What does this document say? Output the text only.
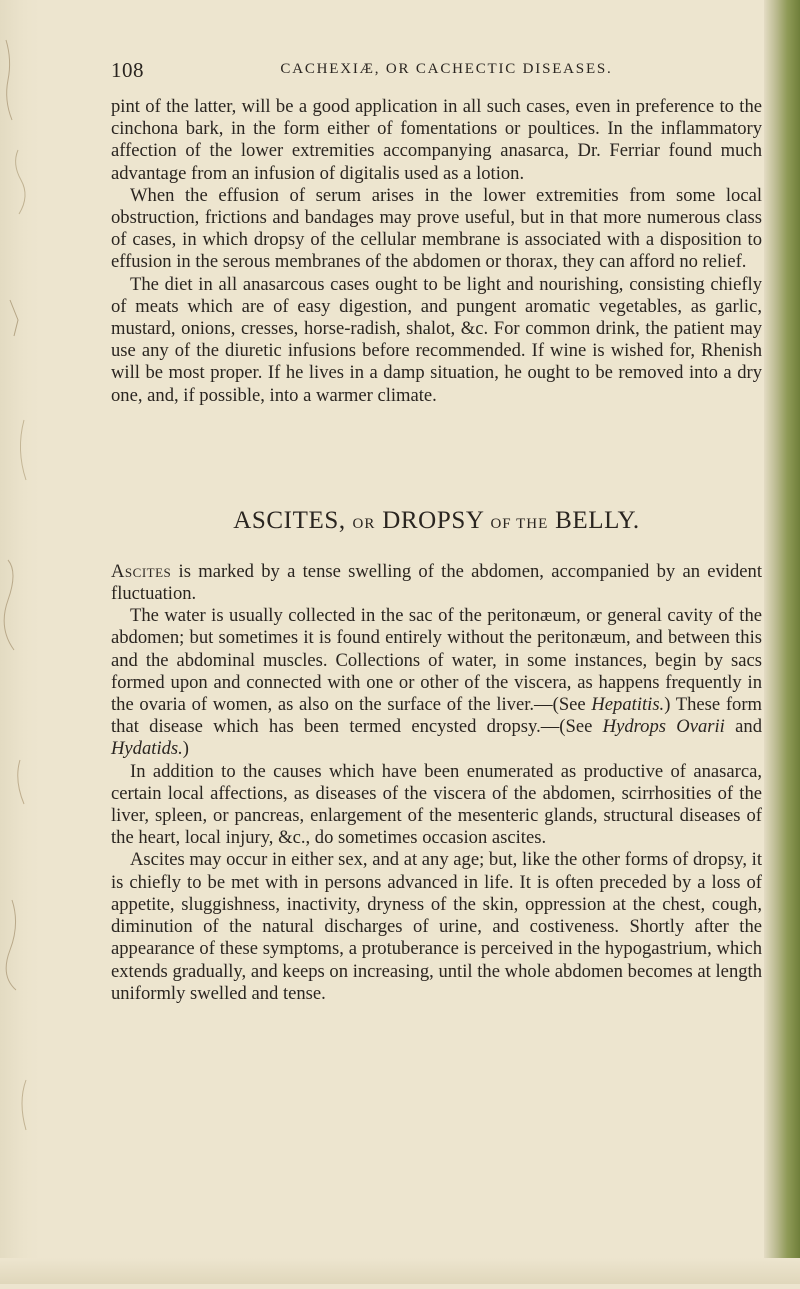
108	CACHEXIÆ, OR CACHECTIC DISEASES.

pint of the latter, will be a good application in all such cases, even in preference to the cinchona bark, in the form either of fomentations or poultices. In the inflammatory affection of the lower extremities accompanying anasarca, Dr. Ferriar found much advantage from an infusion of digitalis used as a lotion.

When the effusion of serum arises in the lower extremities from some local obstruction, frictions and bandages may prove useful, but in that more numerous class of cases, in which dropsy of the cellular membrane is associated with a disposition to effusion in the serous membranes of the abdomen or thorax, they can afford no relief.

The diet in all anasarcous cases ought to be light and nourishing, consisting chiefly of meats which are of easy digestion, and pungent aromatic vegetables, as garlic, mustard, onions, cresses, horse-radish, shalot, &c. For common drink, the patient may use any of the diuretic infusions before recommended. If wine is wished for, Rhenish will be most proper. If he lives in a damp situation, he ought to be removed into a dry one, and, if possible, into a warmer climate.

ASCITES, OR DROPSY OF THE BELLY.

Ascites is marked by a tense swelling of the abdomen, accompanied by an evident fluctuation.

The water is usually collected in the sac of the peritonæum, or general cavity of the abdomen; but sometimes it is found entirely without the peritonæum, and between this and the abdominal muscles. Collections of water, in some instances, begin by sacs formed upon and connected with one or other of the viscera, as happens frequently in the ovaria of women, as also on the surface of the liver.—(See Hepatitis.) These form that disease which has been termed encysted dropsy.—(See Hydrops Ovarii and Hydatids.)

In addition to the causes which have been enumerated as productive of anasarca, certain local affections, as diseases of the viscera of the abdomen, scirrhosities of the liver, spleen, or pancreas, enlargement of the mesenteric glands, structural diseases of the heart, local injury, &c., do sometimes occasion ascites.

Ascites may occur in either sex, and at any age; but, like the other forms of dropsy, it is chiefly to be met with in persons advanced in life. It is often preceded by a loss of appetite, sluggishness, inactivity, dryness of the skin, oppression at the chest, cough, diminution of the natural discharges of urine, and costiveness. Shortly after the appearance of these symptoms, a protuberance is perceived in the hypogastrium, which extends gradually, and keeps on increasing, until the whole abdomen becomes at length uniformly swelled and tense.
